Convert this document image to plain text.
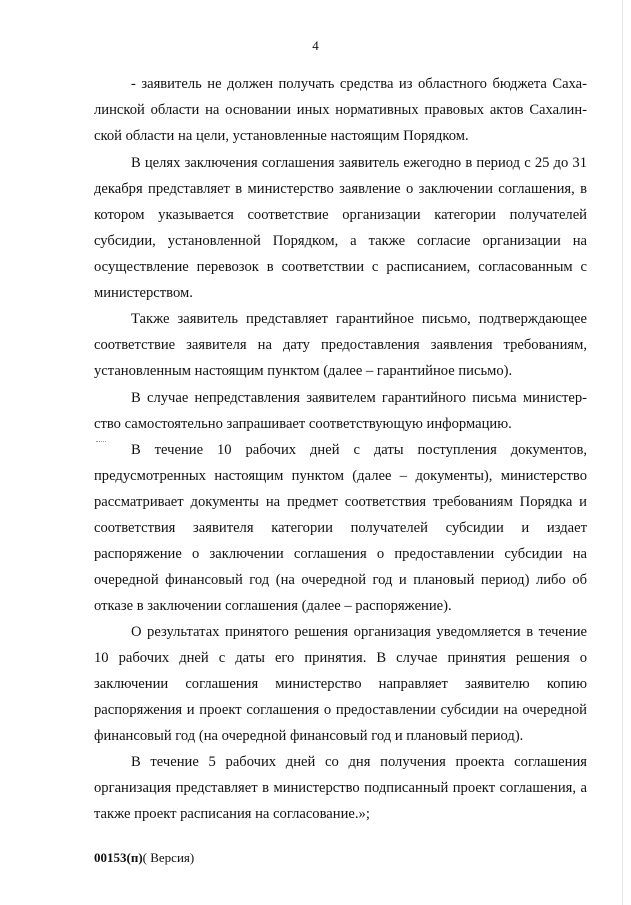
4
- заявитель не должен получать средства из областного бюджета Саха-
линской области на основании иных нормативных правовых актов Сахалин-
ской области на цели, установленные настоящим Порядком.
В целях заключения соглашения заявитель ежегодно в период с 25 до 31
декабря представляет в министерство заявление о заключении соглашения, в
котором указывается соответствие организации категории получателей
субсидии, установленной Порядком, а также согласие организации на
осуществление перевозок в соответствии с расписанием, согласованным с
министерством.
Также заявитель представляет гарантийное письмо, подтверждающее
соответствие заявителя на дату предоставления заявления требованиям,
установленным настоящим пунктом (далее – гарантийное письмо).
В случае непредставления заявителем гарантийного письма министер-
ство самостоятельно запрашивает соответствующую информацию.
В течение 10 рабочих дней с даты поступления документов,
предусмотренных настоящим пунктом (далее – документы), министерство
рассматривает документы на предмет соответствия требованиям Порядка и
соответствия заявителя категории получателей субсидии и издает
распоряжение о заключении соглашения о предоставлении субсидии на
очередной финансовый год (на очередной год и плановый период) либо об
отказе в заключении соглашения (далее – распоряжение).
О результатах принятого решения организация уведомляется в течение
10 рабочих дней с даты его принятия. В случае принятия решения о
заключении соглашения министерство направляет заявителю копию
распоряжения и проект соглашения о предоставлении субсидии на очередной
финансовый год (на очередной финансовый год и плановый период).
В течение 5 рабочих дней со дня получения проекта соглашения
организация представляет в министерство подписанный проект соглашения, а
также проект расписания на согласование.»;
00153(п)( Версия)
